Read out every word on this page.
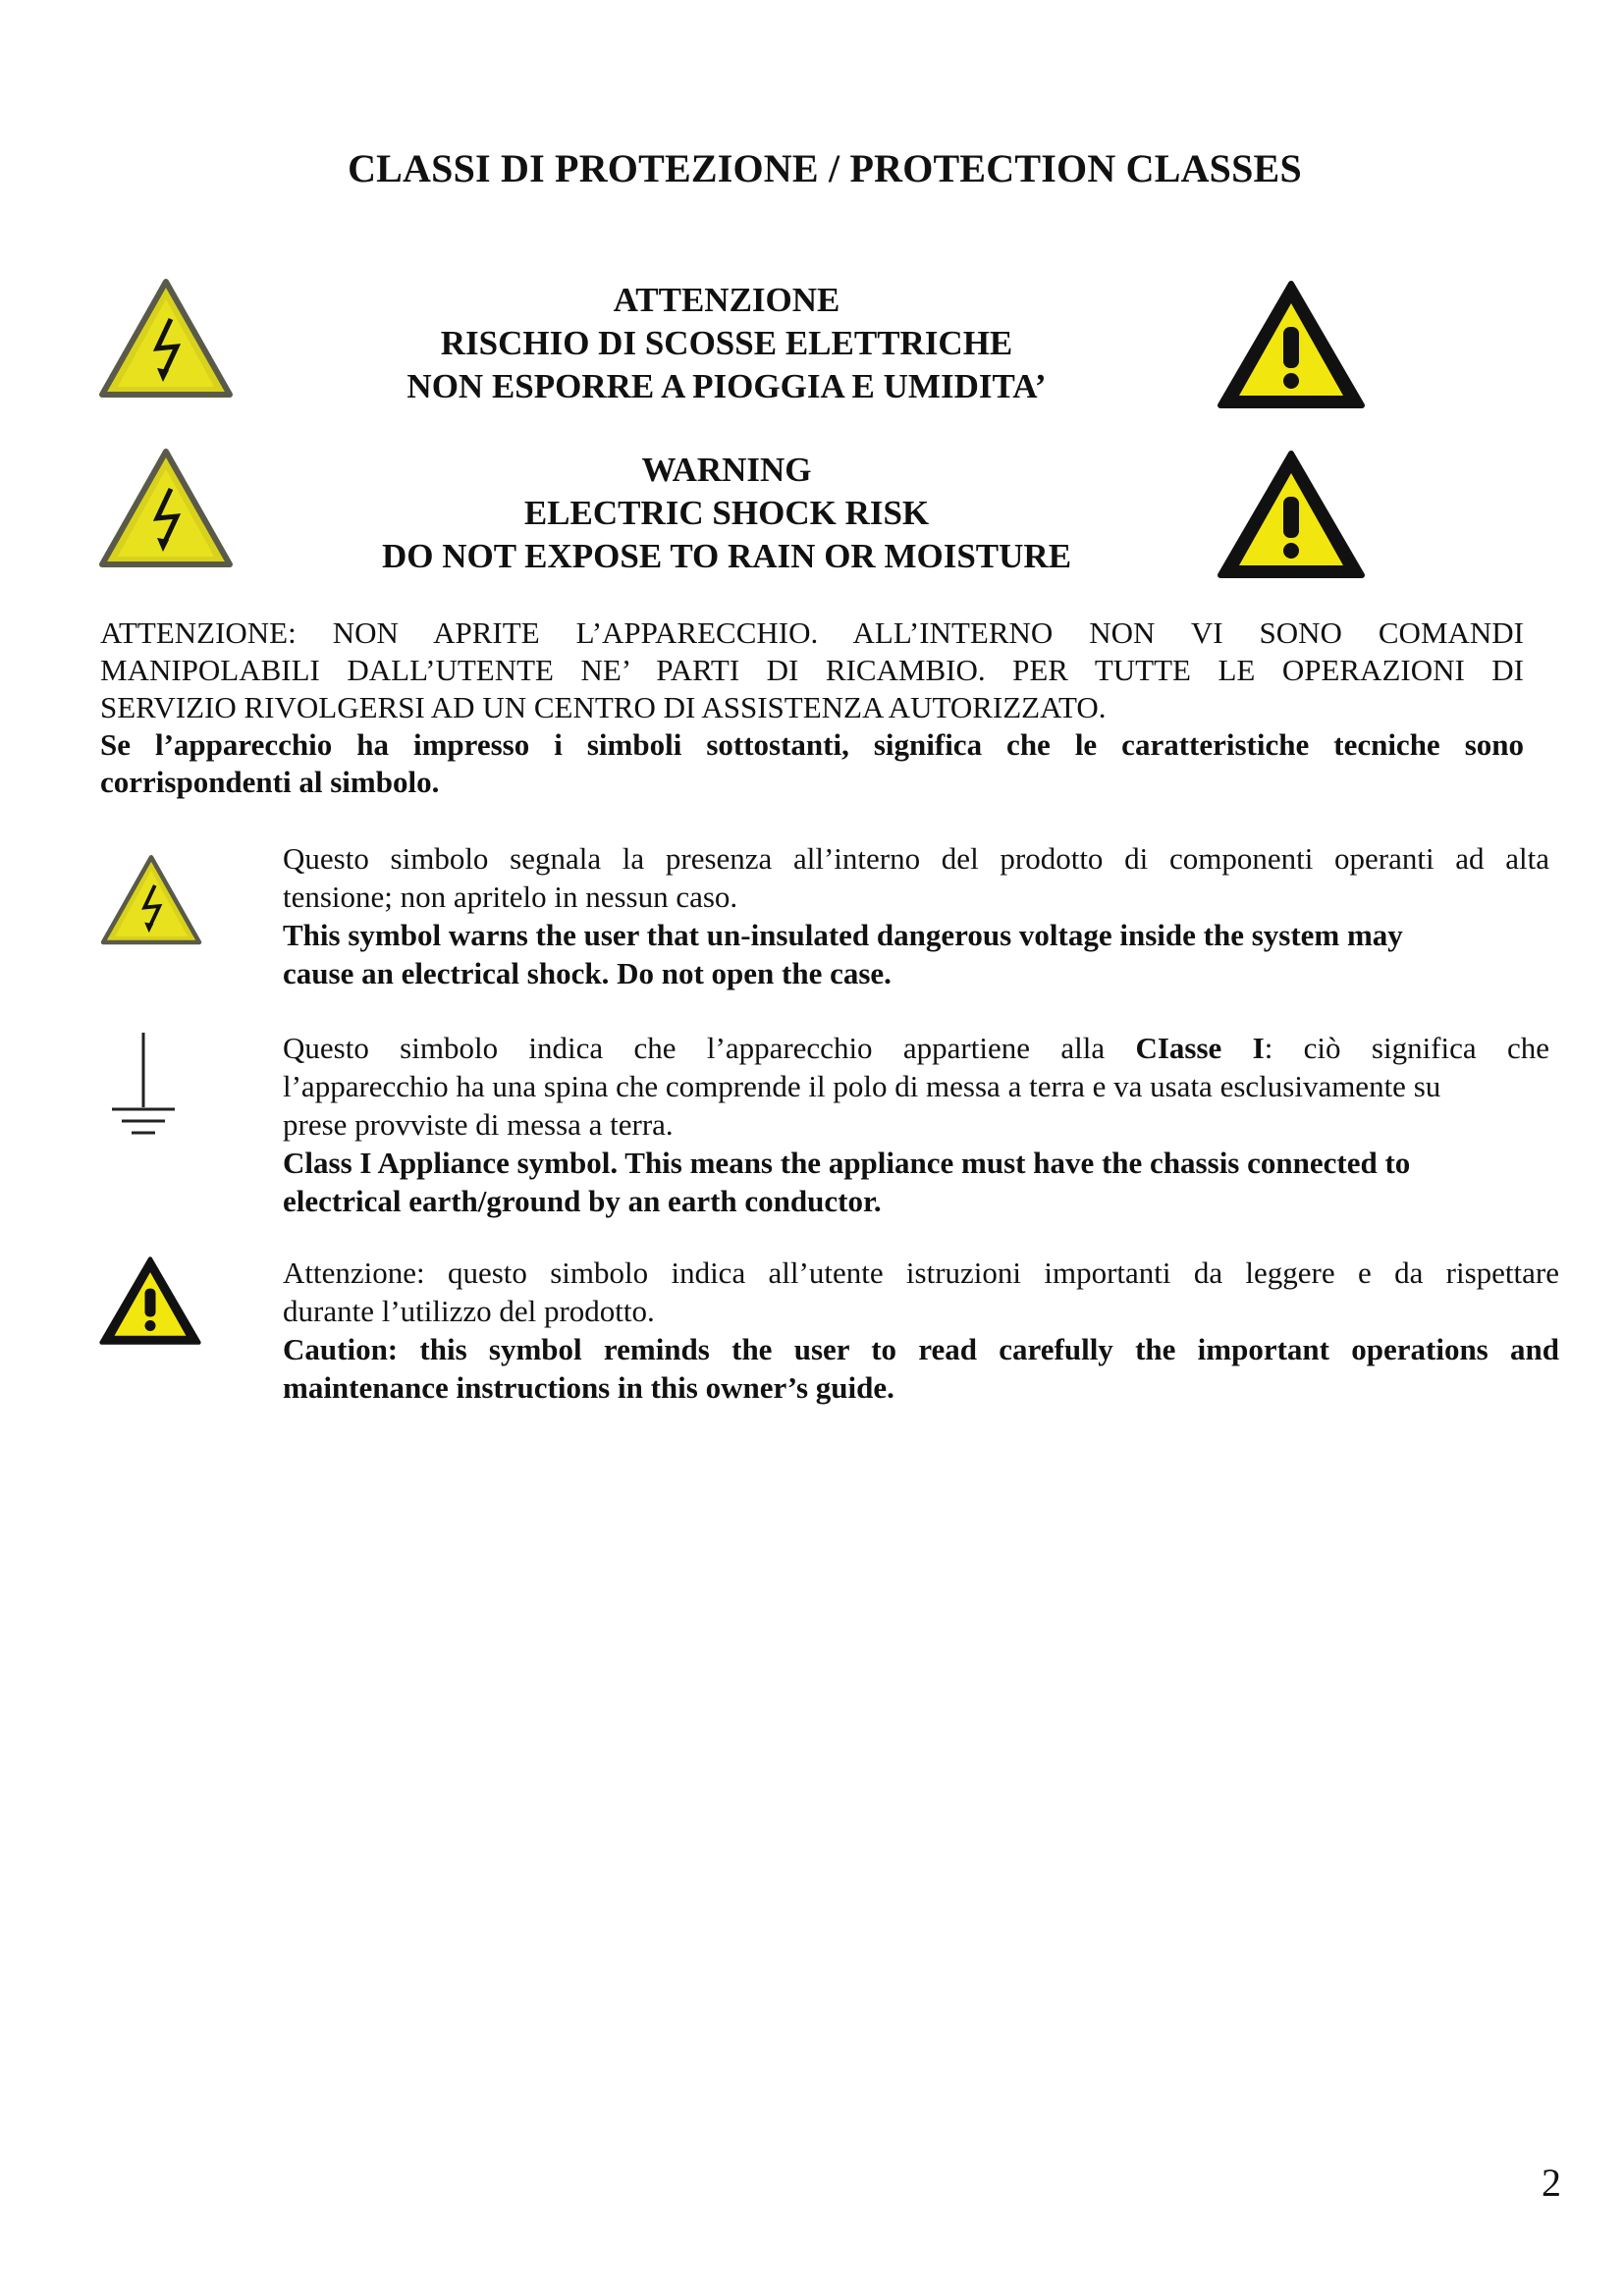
CLASSI DI PROTEZIONE / PROTECTION CLASSES
ATTENZIONE
RISCHIO DI SCOSSE ELETTRICHE
NON ESPORRE A PIOGGIA E UMIDITA’
WARNING
ELECTRIC SHOCK RISK
DO NOT EXPOSE TO RAIN OR MOISTURE
ATTENZIONE: NON APRITE L’APPARECCHIO. ALL’INTERNO NON VI SONO COMANDI
MANIPOLABILI DALL’UTENTE NE’ PARTI DI RICAMBIO. PER TUTTE LE OPERAZIONI DI
SERVIZIO RIVOLGERSI AD UN CENTRO DI ASSISTENZA AUTORIZZATO.
Se l’apparecchio ha impresso i simboli sottostanti, significa che le caratteristiche tecniche sono
corrispondenti al simbolo.
Questo simbolo segnala la presenza all’interno del prodotto di componenti operanti ad alta
tensione; non apritelo in nessun caso.
This symbol warns the user that un-insulated dangerous voltage inside the system may
cause an electrical shock. Do not open the case.
Questo simbolo indica che l’apparecchio appartiene alla CIasse I: ciò significa che
l’apparecchio ha una spina che comprende il polo di messa a terra e va usata esclusivamente su
prese provviste di messa a terra.
Class I Appliance symbol. This means the appliance must have the chassis connected to
electrical earth/ground by an earth conductor.
Attenzione: questo simbolo indica all’utente istruzioni importanti da leggere e da rispettare
durante l’utilizzo del prodotto.
Caution: this symbol reminds the user to read carefully the important operations and
maintenance instructions in this owner’s guide.
2
